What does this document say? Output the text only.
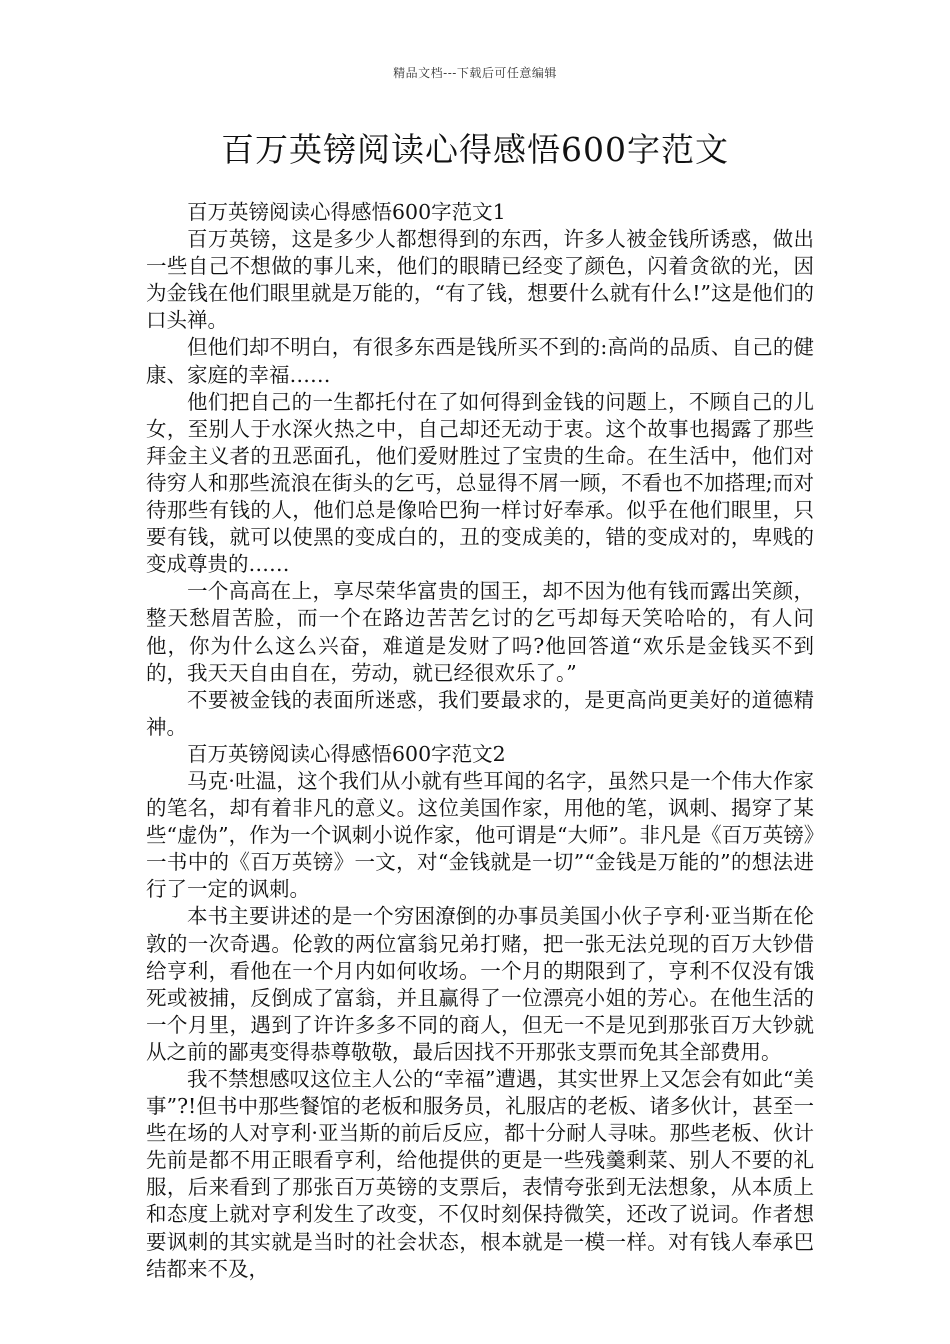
精品文档---下载后可任意编辑
百万英镑阅读心得感悟600字范文

百万英镑阅读心得感悟600字范文1

百万英镑，这是多少人都想得到的东西，许多人被金钱所诱惑，做出一些自己不想做的事儿来，他们的眼睛已经变了颜色，闪着贪欲的光，因为金钱在他们眼里就是万能的，“有了钱，想要什么就有什么!”这是他们的口头禅。

但他们却不明白，有很多东西是钱所买不到的:高尚的品质、自己的健康、家庭的幸福……

他们把自己的一生都托付在了如何得到金钱的问题上，不顾自己的儿女，至别人于水深火热之中，自己却还无动于衷。这个故事也揭露了那些拜金主义者的丑恶面孔，他们爱财胜过了宝贵的生命。在生活中，他们对待穷人和那些流浪在街头的乞丐，总显得不屑一顾，不看也不加搭理;而对待那些有钱的人，他们总是像哈巴狗一样讨好奉承。似乎在他们眼里，只要有钱，就可以使黑的变成白的，丑的变成美的，错的变成对的，卑贱的变成尊贵的……

一个高高在上，享尽荣华富贵的国王，却不因为他有钱而露出笑颜，整天愁眉苦脸，而一个在路边苦苦乞讨的乞丐却每天笑哈哈的，有人问他，你为什么这么兴奋，难道是发财了吗?他回答道“欢乐是金钱买不到的，我天天自由自在，劳动，就已经很欢乐了。”

不要被金钱的表面所迷惑，我们要最求的，是更高尚更美好的道德精神。

百万英镑阅读心得感悟600字范文2

马克·吐温，这个我们从小就有些耳闻的名字，虽然只是一个伟大作家的笔名，却有着非凡的意义。这位美国作家，用他的笔，讽刺、揭穿了某些“虚伪”，作为一个讽刺小说作家，他可谓是“大师”。非凡是《百万英镑》一书中的《百万英镑》一文，对“金钱就是一切”“金钱是万能的”的想法进行了一定的讽刺。

本书主要讲述的是一个穷困潦倒的办事员美国小伙子亨利·亚当斯在伦敦的一次奇遇。伦敦的两位富翁兄弟打赌，把一张无法兑现的百万大钞借给亨利，看他在一个月内如何收场。一个月的期限到了，亨利不仅没有饿死或被捕，反倒成了富翁，并且赢得了一位漂亮小姐的芳心。在他生活的一个月里，遇到了许许多多不同的商人，但无一不是见到那张百万大钞就从之前的鄙夷变得恭尊敬敬，最后因找不开那张支票而免其全部费用。

我不禁想感叹这位主人公的“幸福”遭遇，其实世界上又怎会有如此“美事”?!但书中那些餐馆的老板和服务员，礼服店的老板、诸多伙计，甚至一些在场的人对亨利·亚当斯的前后反应，都十分耐人寻味。那些老板、伙计先前是都不用正眼看亨利，给他提供的更是一些残羹剩菜、别人不要的礼服，后来看到了那张百万英镑的支票后，表情夸张到无法想象，从本质上和态度上就对亨利发生了改变，不仅时刻保持微笑，还改了说词。作者想要讽刺的其实就是当时的社会状态，根本就是一模一样。对有钱人奉承巴结都来不及，
